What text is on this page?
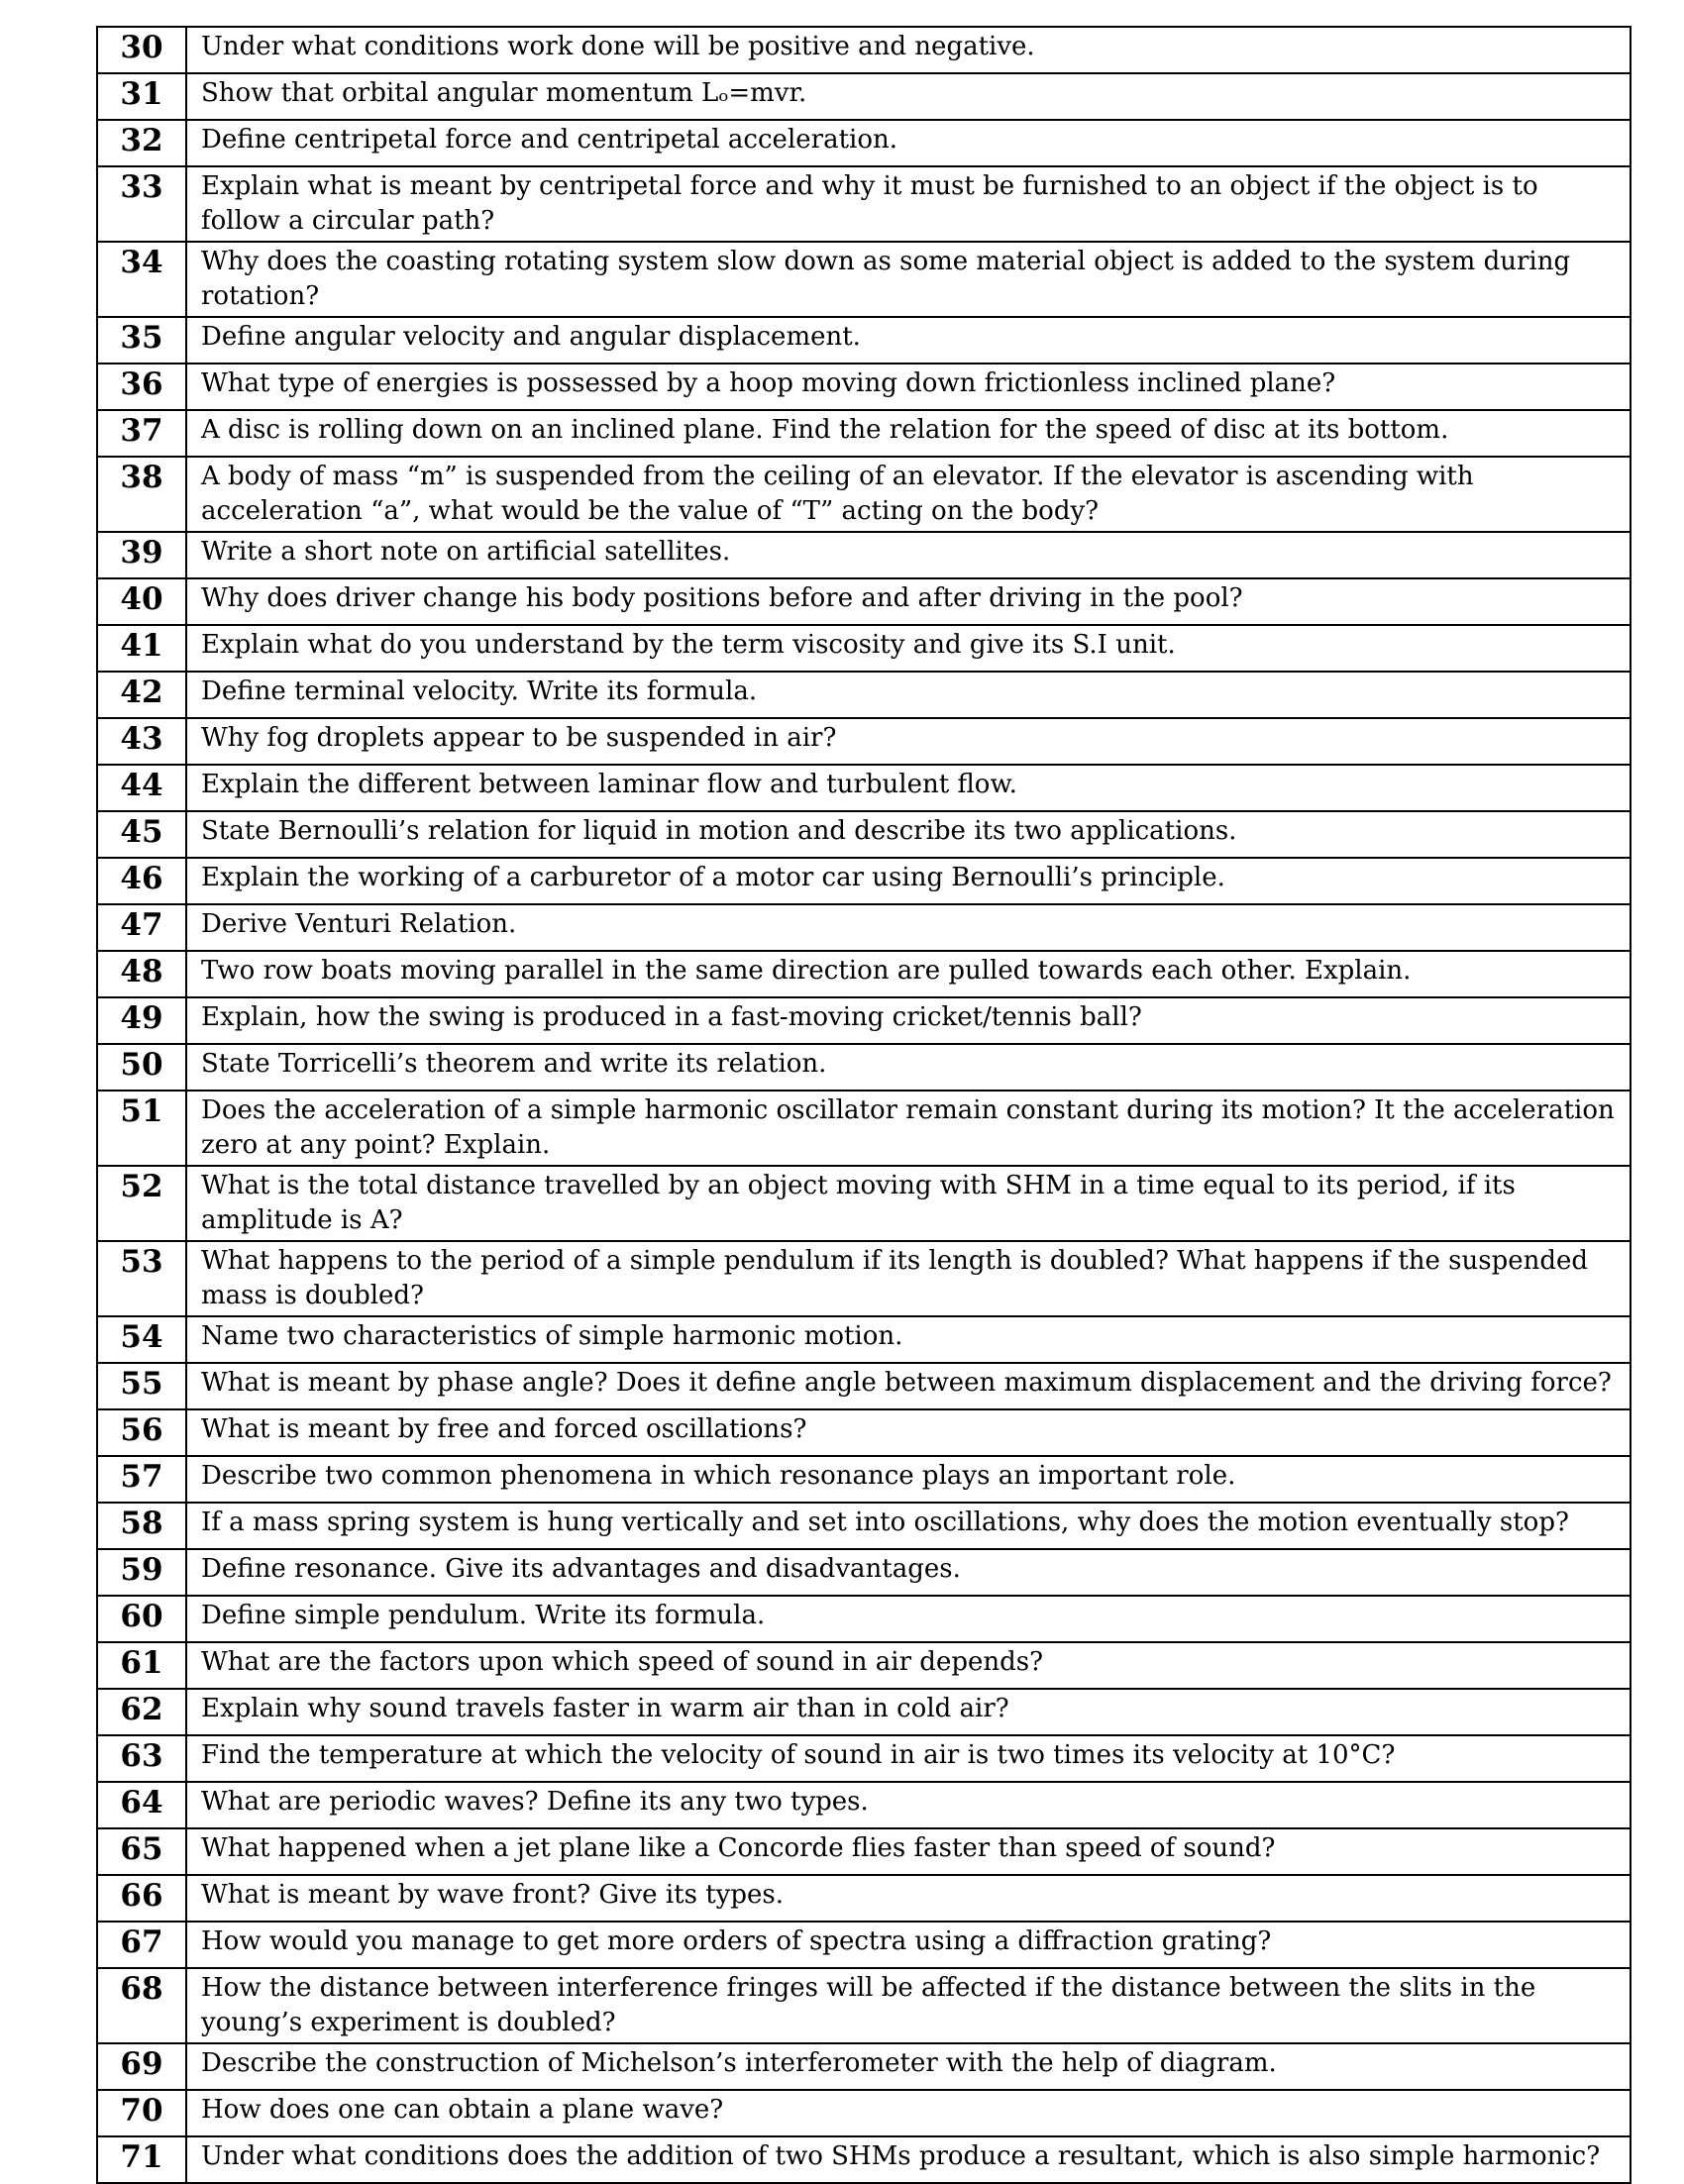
30	Under what conditions work done will be positive and negative.
31	Show that orbital angular momentum Lₒ=mvr.
32	Define centripetal force and centripetal acceleration.
33	Explain what is meant by centripetal force and why it must be furnished to an object if the object is to follow a circular path?
34	Why does the coasting rotating system slow down as some material object is added to the system during rotation?
35	Define angular velocity and angular displacement.
36	What type of energies is possessed by a hoop moving down frictionless inclined plane?
37	A disc is rolling down on an inclined plane. Find the relation for the speed of disc at its bottom.
38	A body of mass “m” is suspended from the ceiling of an elevator. If the elevator is ascending with acceleration “a”, what would be the value of “T” acting on the body?
39	Write a short note on artificial satellites.
40	Why does driver change his body positions before and after driving in the pool?
41	Explain what do you understand by the term viscosity and give its S.I unit.
42	Define terminal velocity. Write its formula.
43	Why fog droplets appear to be suspended in air?
44	Explain the different between laminar flow and turbulent flow.
45	State Bernoulli’s relation for liquid in motion and describe its two applications.
46	Explain the working of a carburetor of a motor car using Bernoulli’s principle.
47	Derive Venturi Relation.
48	Two row boats moving parallel in the same direction are pulled towards each other. Explain.
49	Explain, how the swing is produced in a fast-moving cricket/tennis ball?
50	State Torricelli’s theorem and write its relation.
51	Does the acceleration of a simple harmonic oscillator remain constant during its motion? It the acceleration zero at any point? Explain.
52	What is the total distance travelled by an object moving with SHM in a time equal to its period, if its amplitude is A?
53	What happens to the period of a simple pendulum if its length is doubled? What happens if the suspended mass is doubled?
54	Name two characteristics of simple harmonic motion.
55	What is meant by phase angle? Does it define angle between maximum displacement and the driving force?
56	What is meant by free and forced oscillations?
57	Describe two common phenomena in which resonance plays an important role.
58	If a mass spring system is hung vertically and set into oscillations, why does the motion eventually stop?
59	Define resonance. Give its advantages and disadvantages.
60	Define simple pendulum. Write its formula.
61	What are the factors upon which speed of sound in air depends?
62	Explain why sound travels faster in warm air than in cold air?
63	Find the temperature at which the velocity of sound in air is two times its velocity at 10°C?
64	What are periodic waves? Define its any two types.
65	What happened when a jet plane like a Concorde flies faster than speed of sound?
66	What is meant by wave front? Give its types.
67	How would you manage to get more orders of spectra using a diffraction grating?
68	How the distance between interference fringes will be affected if the distance between the slits in the young’s experiment is doubled?
69	Describe the construction of Michelson’s interferometer with the help of diagram.
70	How does one can obtain a plane wave?
71	Under what conditions does the addition of two SHMs produce a resultant, which is also simple harmonic?
